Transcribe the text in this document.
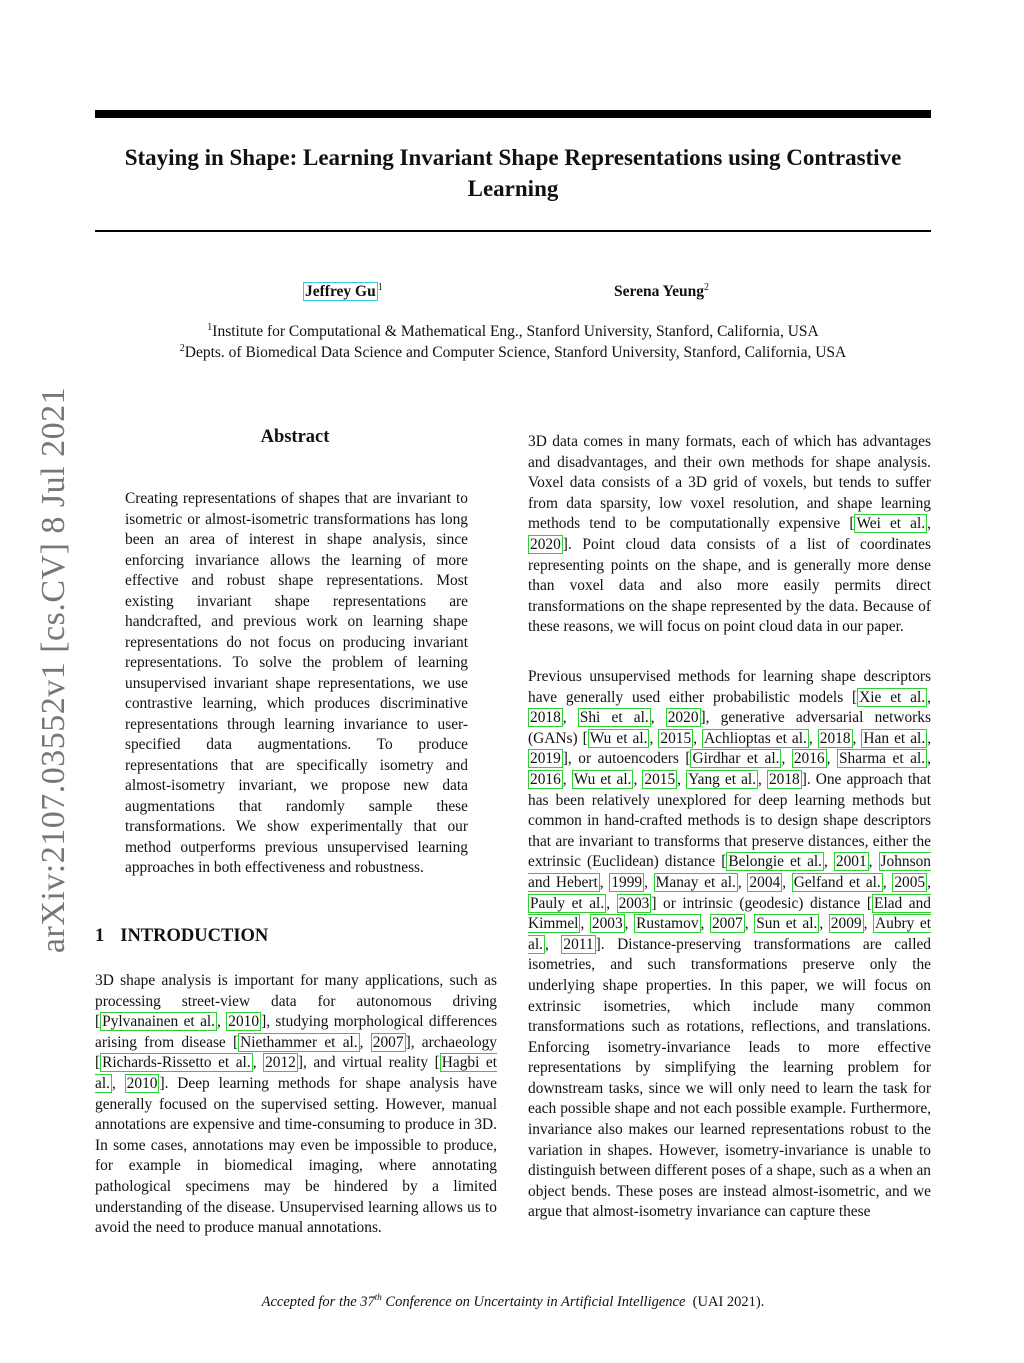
Staying in Shape: Learning Invariant Shape Representations using Contrastive Learning
Jeffrey Gu $^1$	Serena Yeung$^2$
$^1$Institute for Computational & Mathematical Eng., Stanford University, Stanford, California, USA
$^2$Depts. of Biomedical Data Science and Computer Science, Stanford University, Stanford, California, USA
arXiv:2107.03552v1 [cs.CV] 8 Jul 2021	Abstract

Creating representations of shapes that are invariant to isometric or almost-isometric transformations has long been an area of interest in shape analysis, since enforcing invariance allows the learning of more effective and robust shape representations. Most existing invariant shape representations are handcrafted, and previous work on learning shape representations do not focus on producing invariant representations. To solve the problem of learning unsupervised invariant shape representations, we use contrastive learning, which produces discriminative representations through learning invariance to user-specified data augmentations. To produce representations that are specifically isometry and almost-isometry invariant, we propose new data augmentations that randomly sample these transformations. We show experimentally that our method outperforms previous unsupervised learning approaches in both effectiveness and robustness.

1 INTRODUCTION

3D shape analysis is important for many applications, such as processing street-view data for autonomous driving [ Pylvanainen et al. , 2010 ], studying morphological differences arising from disease [ Niethammer et al. , 2007 ], archaeology [ Richards-Rissetto et al. , 2012 ], and virtual reality [ Hagbi et al. , 2010 ]. Deep learning methods for shape analysis have generally focused on the supervised setting. However, manual annotations are expensive and time-consuming to produce in 3D. In some cases, annotations may even be impossible to produce, for example in biomedical imaging, where annotating pathological specimens may be hindered by a limited understanding of the disease. Unsupervised learning allows us to avoid the need to produce manual annotations.

3D data comes in many formats, each of which has advantages and disadvantages, and their own methods for shape analysis. Voxel data consists of a 3D grid of voxels, but tends to suffer from data sparsity, low voxel resolution, and shape learning methods tend to be computationally expensive [ Wei et al. , 2020 ]. Point cloud data consists of a list of coordinates representing points on the shape, and is generally more dense than voxel data and also more easily permits direct transformations on the shape represented by the data. Because of these reasons, we will focus on point cloud data in our paper.

Previous unsupervised methods for learning shape descriptors have generally used either probabilistic models [ Xie et al. , 2018 , Shi et al. , 2020 ], generative adversarial networks (GANs) [ Wu et al. , 2015 , Achlioptas et al. , 2018 , Han et al. , 2019 ], or autoencoders [ Girdhar et al. , 2016 , Sharma et al. , 2016 , Wu et al. , 2015 , Yang et al. , 2018 ]. One approach that has been relatively unexplored for deep learning methods but common in hand-crafted methods is to design shape descriptors that are invariant to transforms that preserve distances, either the extrinsic (Euclidean) distance [ Belongie et al. , 2001 , Johnson and Hebert , 1999 , Manay et al. , 2004 , Gelfand et al. , 2005 , Pauly et al. , 2003 ] or intrinsic (geodesic) distance [ Elad and Kimmel , 2003 , Rustamov , 2007 , Sun et al. , 2009 , Aubry et al. , 2011 ]. Distance-preserving transformations are called isometries, and such transformations preserve only the underlying shape properties. In this paper, we will focus on extrinsic isometries, which include many common transformations such as rotations, reflections, and translations. Enforcing isometry-invariance leads to more effective representations by simplifying the learning problem for downstream tasks, since we will only need to learn the task for each possible shape and not each possible example. Furthermore, invariance also makes our learned representations robust to the variation in shapes. However, isometry-invariance is unable to distinguish between different poses of a shape, such as a when an object bends. These poses are instead almost-isometric, and we argue that almost-isometry invariance can capture these

Accepted for the 37th Conference on Uncertainty in Artificial Intelligence (UAI 2021).
